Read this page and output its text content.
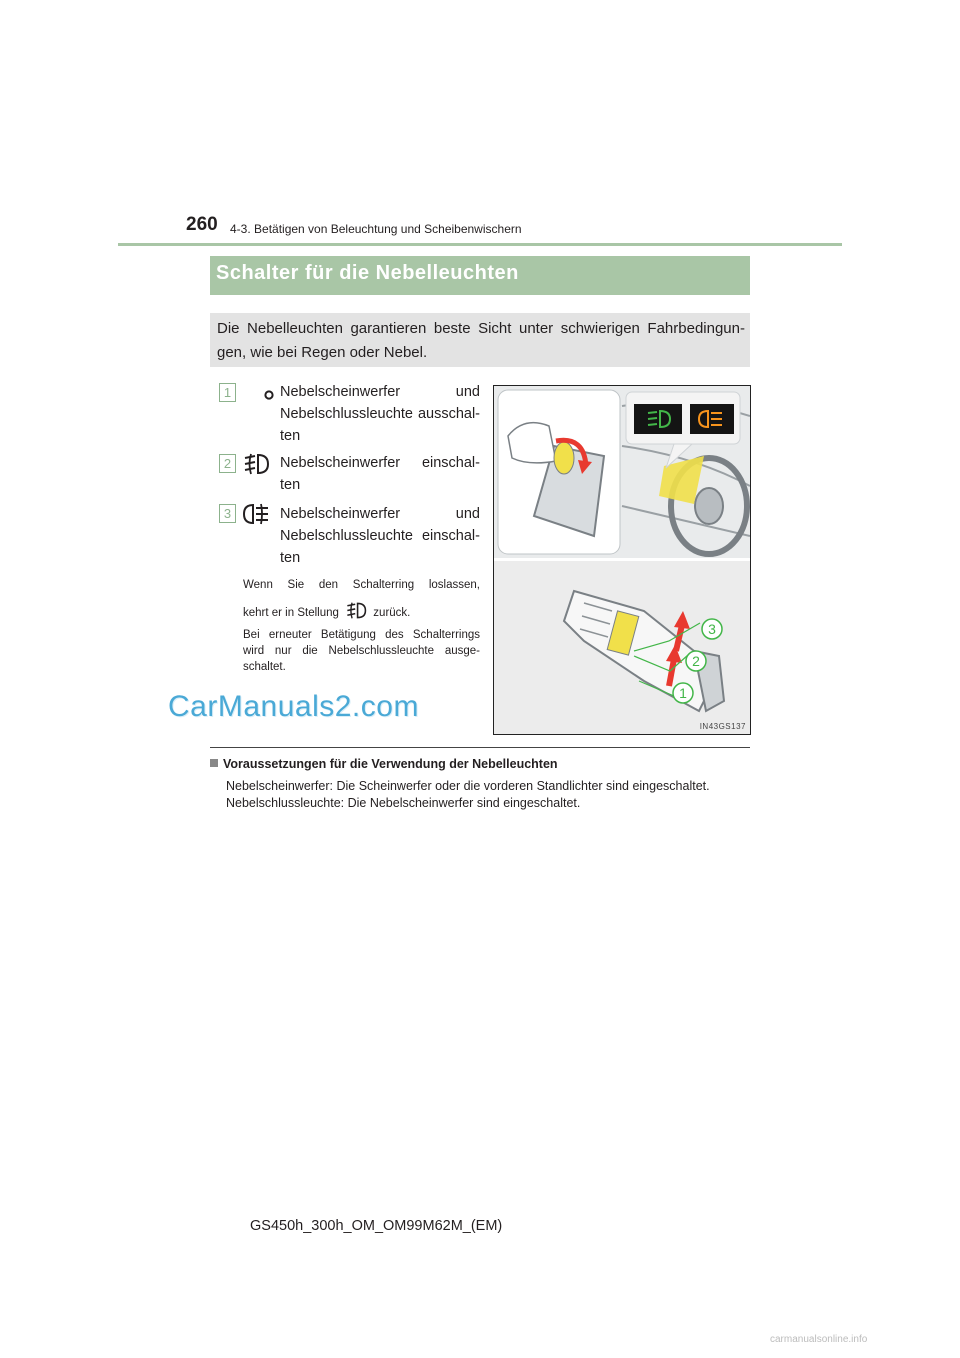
260 4-3. Betätigen von Beleuchtung und Scheibenwischern
Schalter für die Nebelleuchten
Die Nebelleuchten garantieren beste Sicht unter schwierigen Fahrbedingun-gen, wie bei Regen oder Nebel.
1	Nebelscheinwerfer und
Nebelschlussleuchte ausschal-
ten
2	Nebelscheinwerfer einschal-
ten
3	Nebelscheinwerfer und
Nebelschlussleuchte einschal-
ten
Wenn Sie den Schalterring loslassen,
kehrt er in Stellung	zurück.
Bei erneuter Betätigung des Schalterrings wird nur die Nebelschlussleuchte ausge-schaltet.
3
2
1
IN43GS137
CarManuals2.com
Voraussetzungen für die Verwendung der Nebelleuchten
Nebelscheinwerfer: Die Scheinwerfer oder die vorderen Standlichter sind eingeschaltet.
Nebelschlussleuchte: Die Nebelscheinwerfer sind eingeschaltet.
GS450h_300h_OM_OM99M62M_(EM)
carmanualsonline.info
